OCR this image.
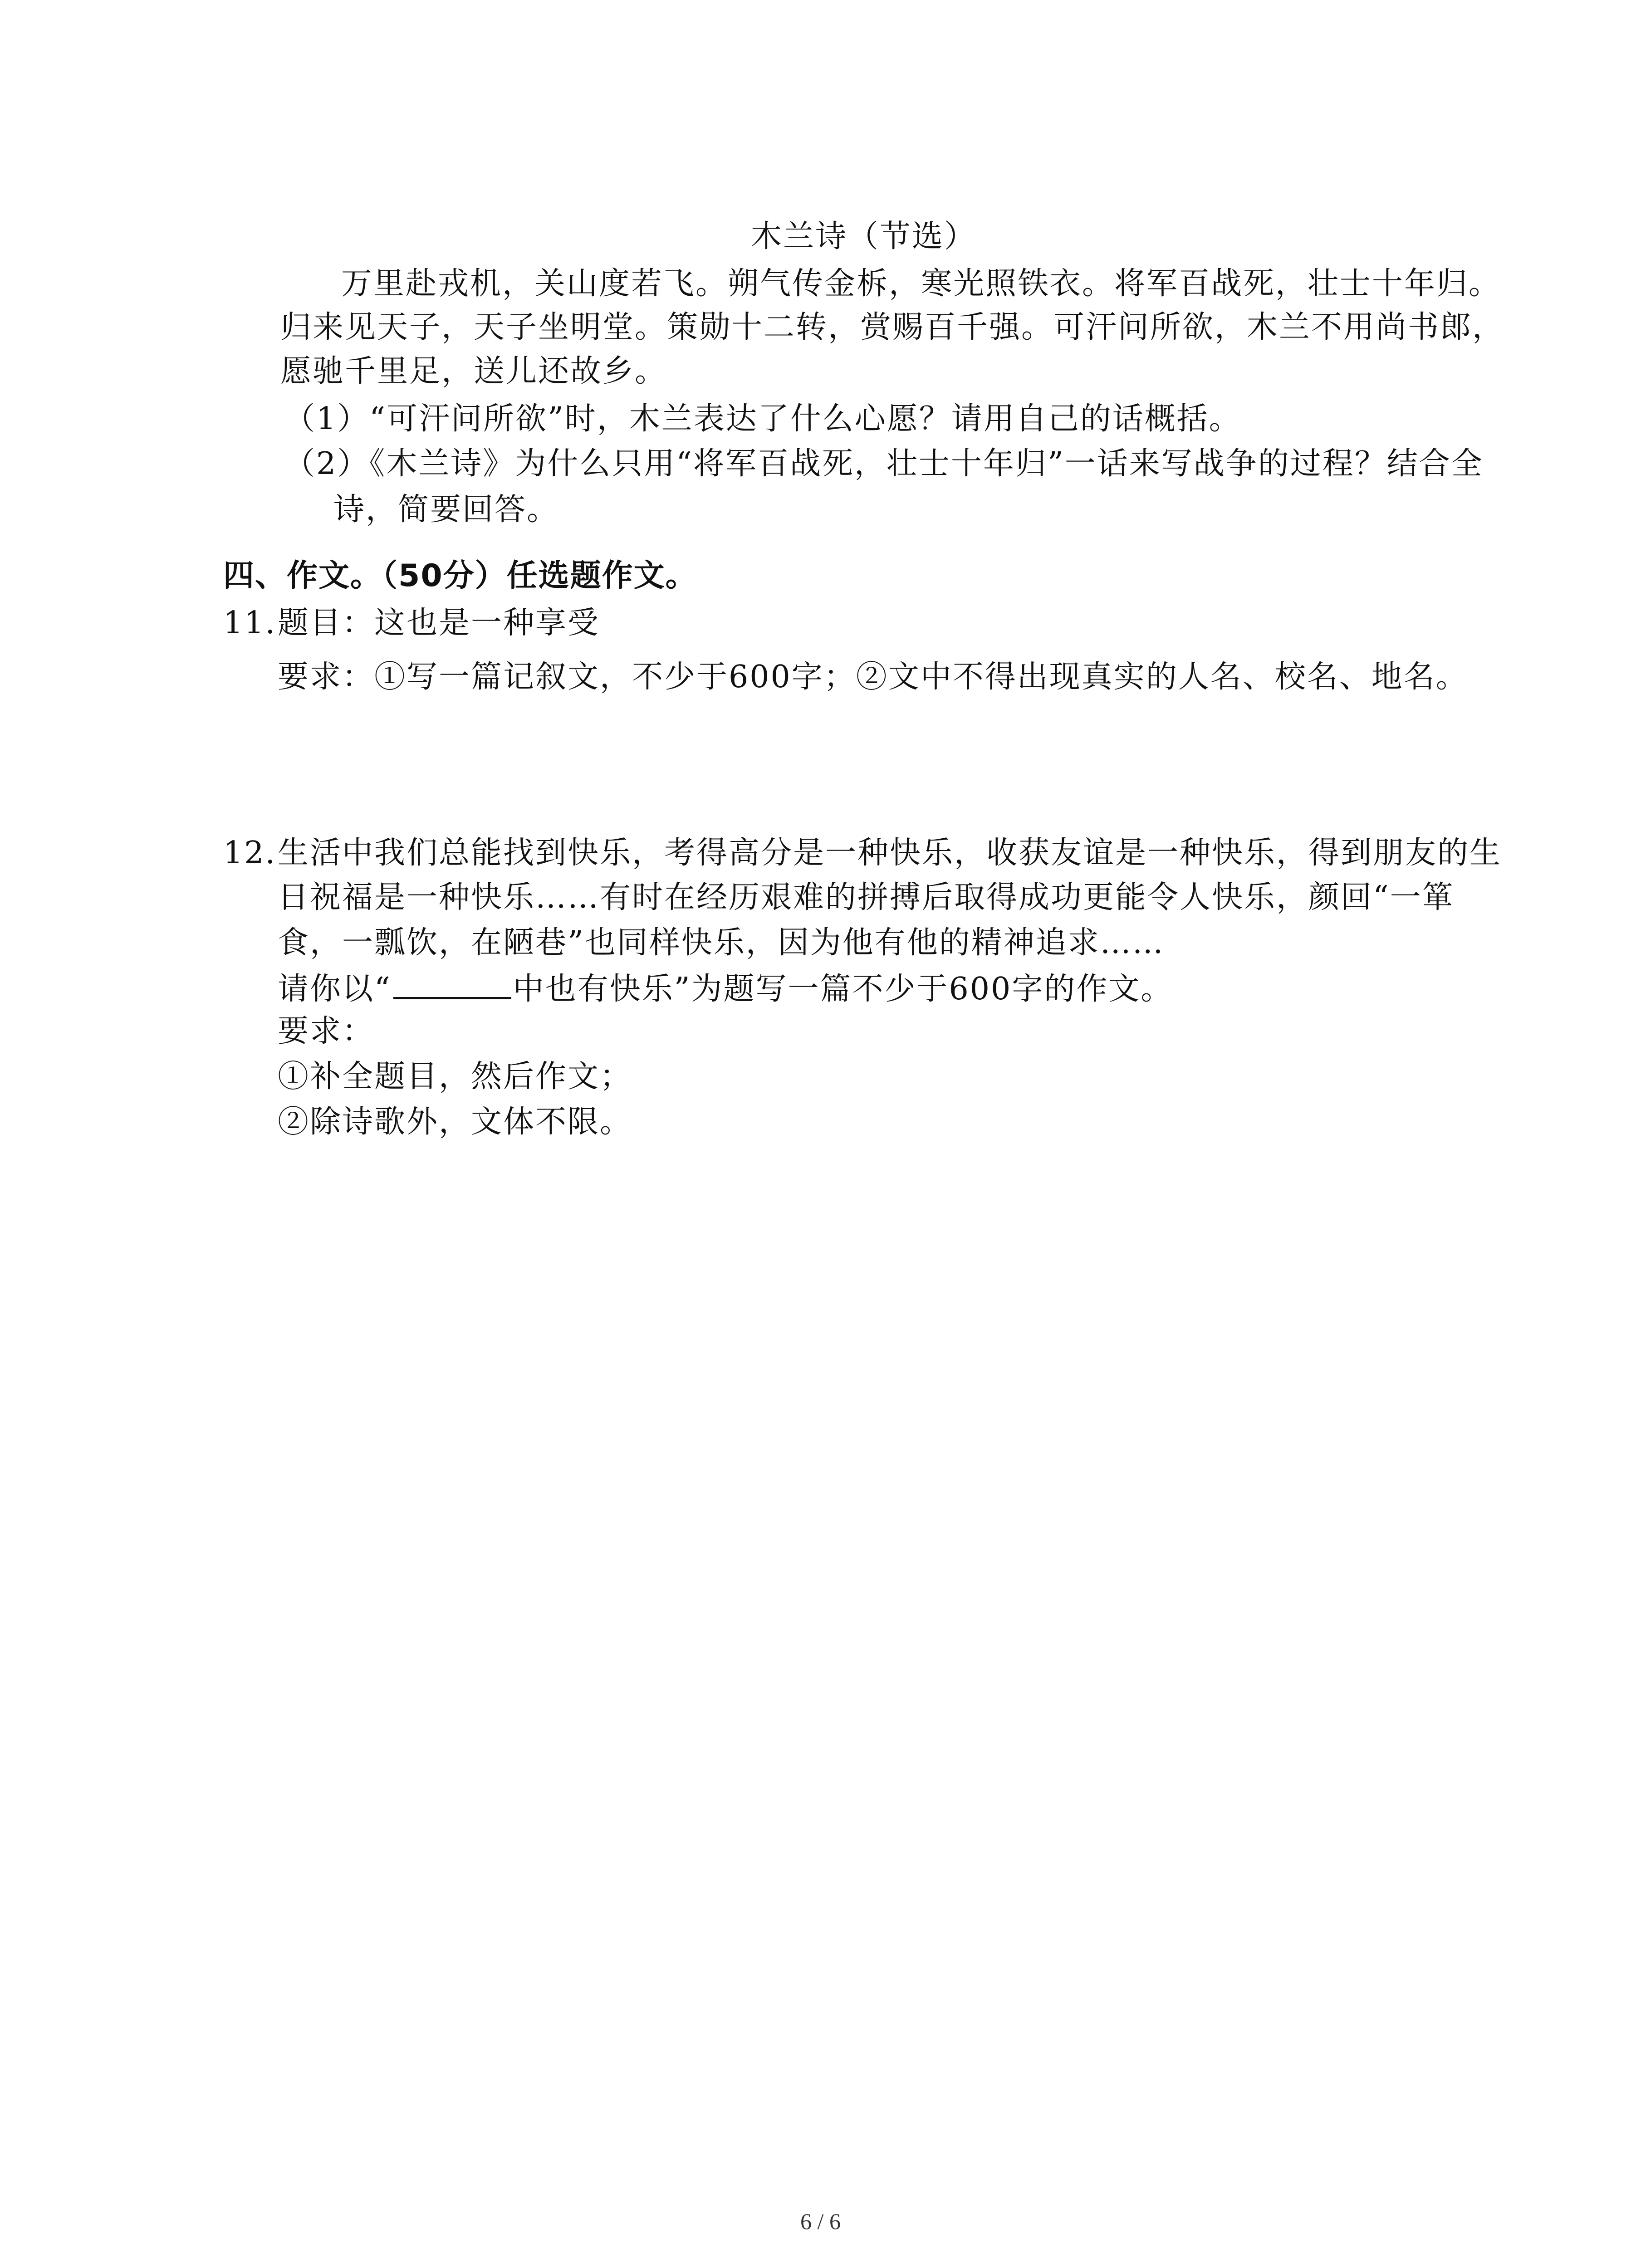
木兰诗（节选）
万里赴戎机，关山度若飞。朔气传金柝，寒光照铁衣。将军百战死，壮士十年归。
归来见天子，天子坐明堂。策勋十二转，赏赐百千强。可汗问所欲，木兰不用尚书郎，
愿驰千里足，送儿还故乡。
（1）“可汗问所欲”时，木兰表达了什么心愿？请用自己的话概括。
（2）《木兰诗》为什么只用“将军百战死，壮士十年归”一话来写战争的过程？结合全
诗，简要回答。
四、作文。（50分）任选题作文。
11. 题目：这也是一种享受
要求：①写一篇记叙文，不少于600字；②文中不得出现真实的人名、校名、地名。
12. 生活中我们总能找到快乐，考得高分是一种快乐，收获友谊是一种快乐，得到朋友的生
日祝福是一种快乐……有时在经历艰难的拼搏后取得成功更能令人快乐，颜回“一箪
食，一瓢饮，在陋巷”也同样快乐，因为他有他的精神追求……
请你以“	中也有快乐”为题写一篇不少于600字的作文。
要求：
①补全题目，然后作文；
②除诗歌外，文体不限。
6 / 6
